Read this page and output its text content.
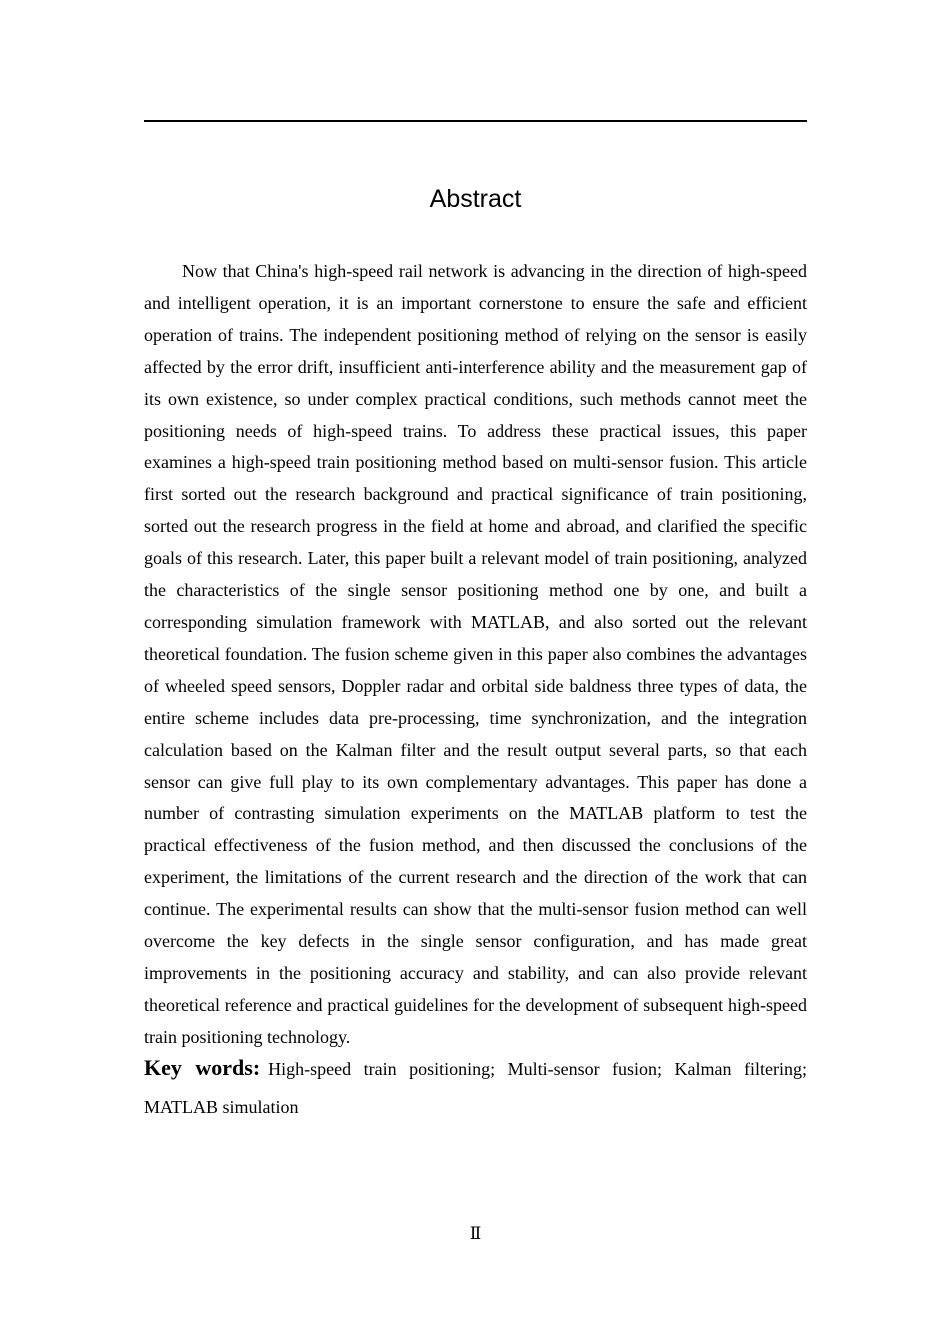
Abstract

Now that China's high-speed rail network is advancing in the direction of high-speed and intelligent operation, it is an important cornerstone to ensure the safe and efficient operation of trains. The independent positioning method of relying on the sensor is easily affected by the error drift, insufficient anti-interference ability and the measurement gap of its own existence, so under complex practical conditions, such methods cannot meet the positioning needs of high-speed trains. To address these practical issues, this paper examines a high-speed train positioning method based on multi-sensor fusion. This article first sorted out the research background and practical significance of train positioning, sorted out the research progress in the field at home and abroad, and clarified the specific goals of this research. Later, this paper built a relevant model of train positioning, analyzed the characteristics of the single sensor positioning method one by one, and built a corresponding simulation framework with MATLAB, and also sorted out the relevant theoretical foundation. The fusion scheme given in this paper also combines the advantages of wheeled speed sensors, Doppler radar and orbital side baldness three types of data, the entire scheme includes data pre-processing, time synchronization, and the integration calculation based on the Kalman filter and the result output several parts, so that each sensor can give full play to its own complementary advantages. This paper has done a number of contrasting simulation experiments on the MATLAB platform to test the practical effectiveness of the fusion method, and then discussed the conclusions of the experiment, the limitations of the current research and the direction of the work that can continue. The experimental results can show that the multi-sensor fusion method can well overcome the key defects in the single sensor configuration, and has made great improvements in the positioning accuracy and stability, and can also provide relevant theoretical reference and practical guidelines for the development of subsequent high-speed train positioning technology.

Key words: High-speed train positioning; Multi-sensor fusion; Kalman filtering; MATLAB simulation

Ⅱ
